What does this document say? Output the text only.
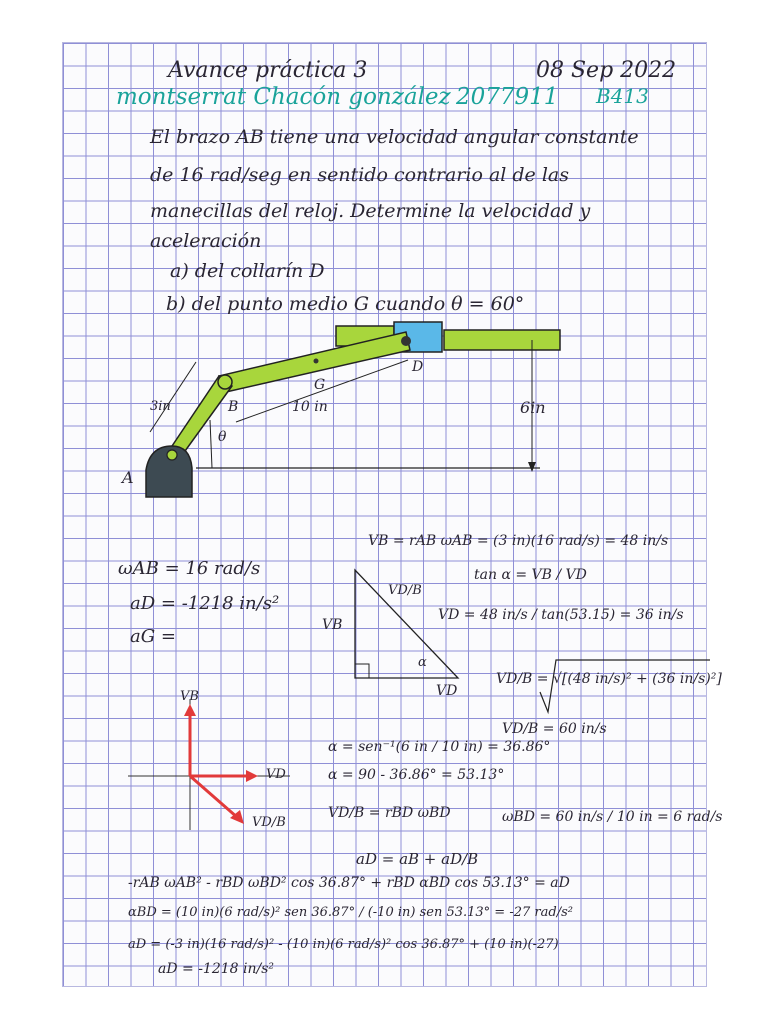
Avance práctica 3	08 Sep 2022
montserrat Chacón gonzález 2077911 B413
El brazo AB tiene una velocidad angular constante
de 16 rad/seg en sentido contrario al de las
manecillas del reloj. Determine la velocidad y
aceleración
a) del collarín D
b) del punto medio G cuando θ = 60°
A
B
D
G
θ
3in	10 in	6in
ωAB = 16 rad/s
aD = -1218 in/s²
aG =
VD/B
VB
VD
α
VB
VD
VD/B
VB = rAB ωAB = (3 in)(16 rad/s) = 48 in/s
tan α = VB / VD
VD = 48 in/s / tan(53.15) = 36 in/s
VD/B = √[(48 in/s)² + (36 in/s)²]
VD/B = 60 in/s
α = sen⁻¹(6 in / 10 in) = 36.86°
α = 90 - 36.86° = 53.13°
VD/B = rBD ωBD	ωBD = 60 in/s / 10 in = 6 rad/s
aD = aB + aD/B
-rAB ωAB² - rBD ωBD² cos 36.87° + rBD αBD cos 53.13° = aD
αBD = (10 in)(6 rad/s)² sen 36.87° / (-10 in) sen 53.13° = -27 rad/s²
aD = (-3 in)(16 rad/s)² - (10 in)(6 rad/s)² cos 36.87° + (10 in)(-27)
aD = -1218 in/s²
